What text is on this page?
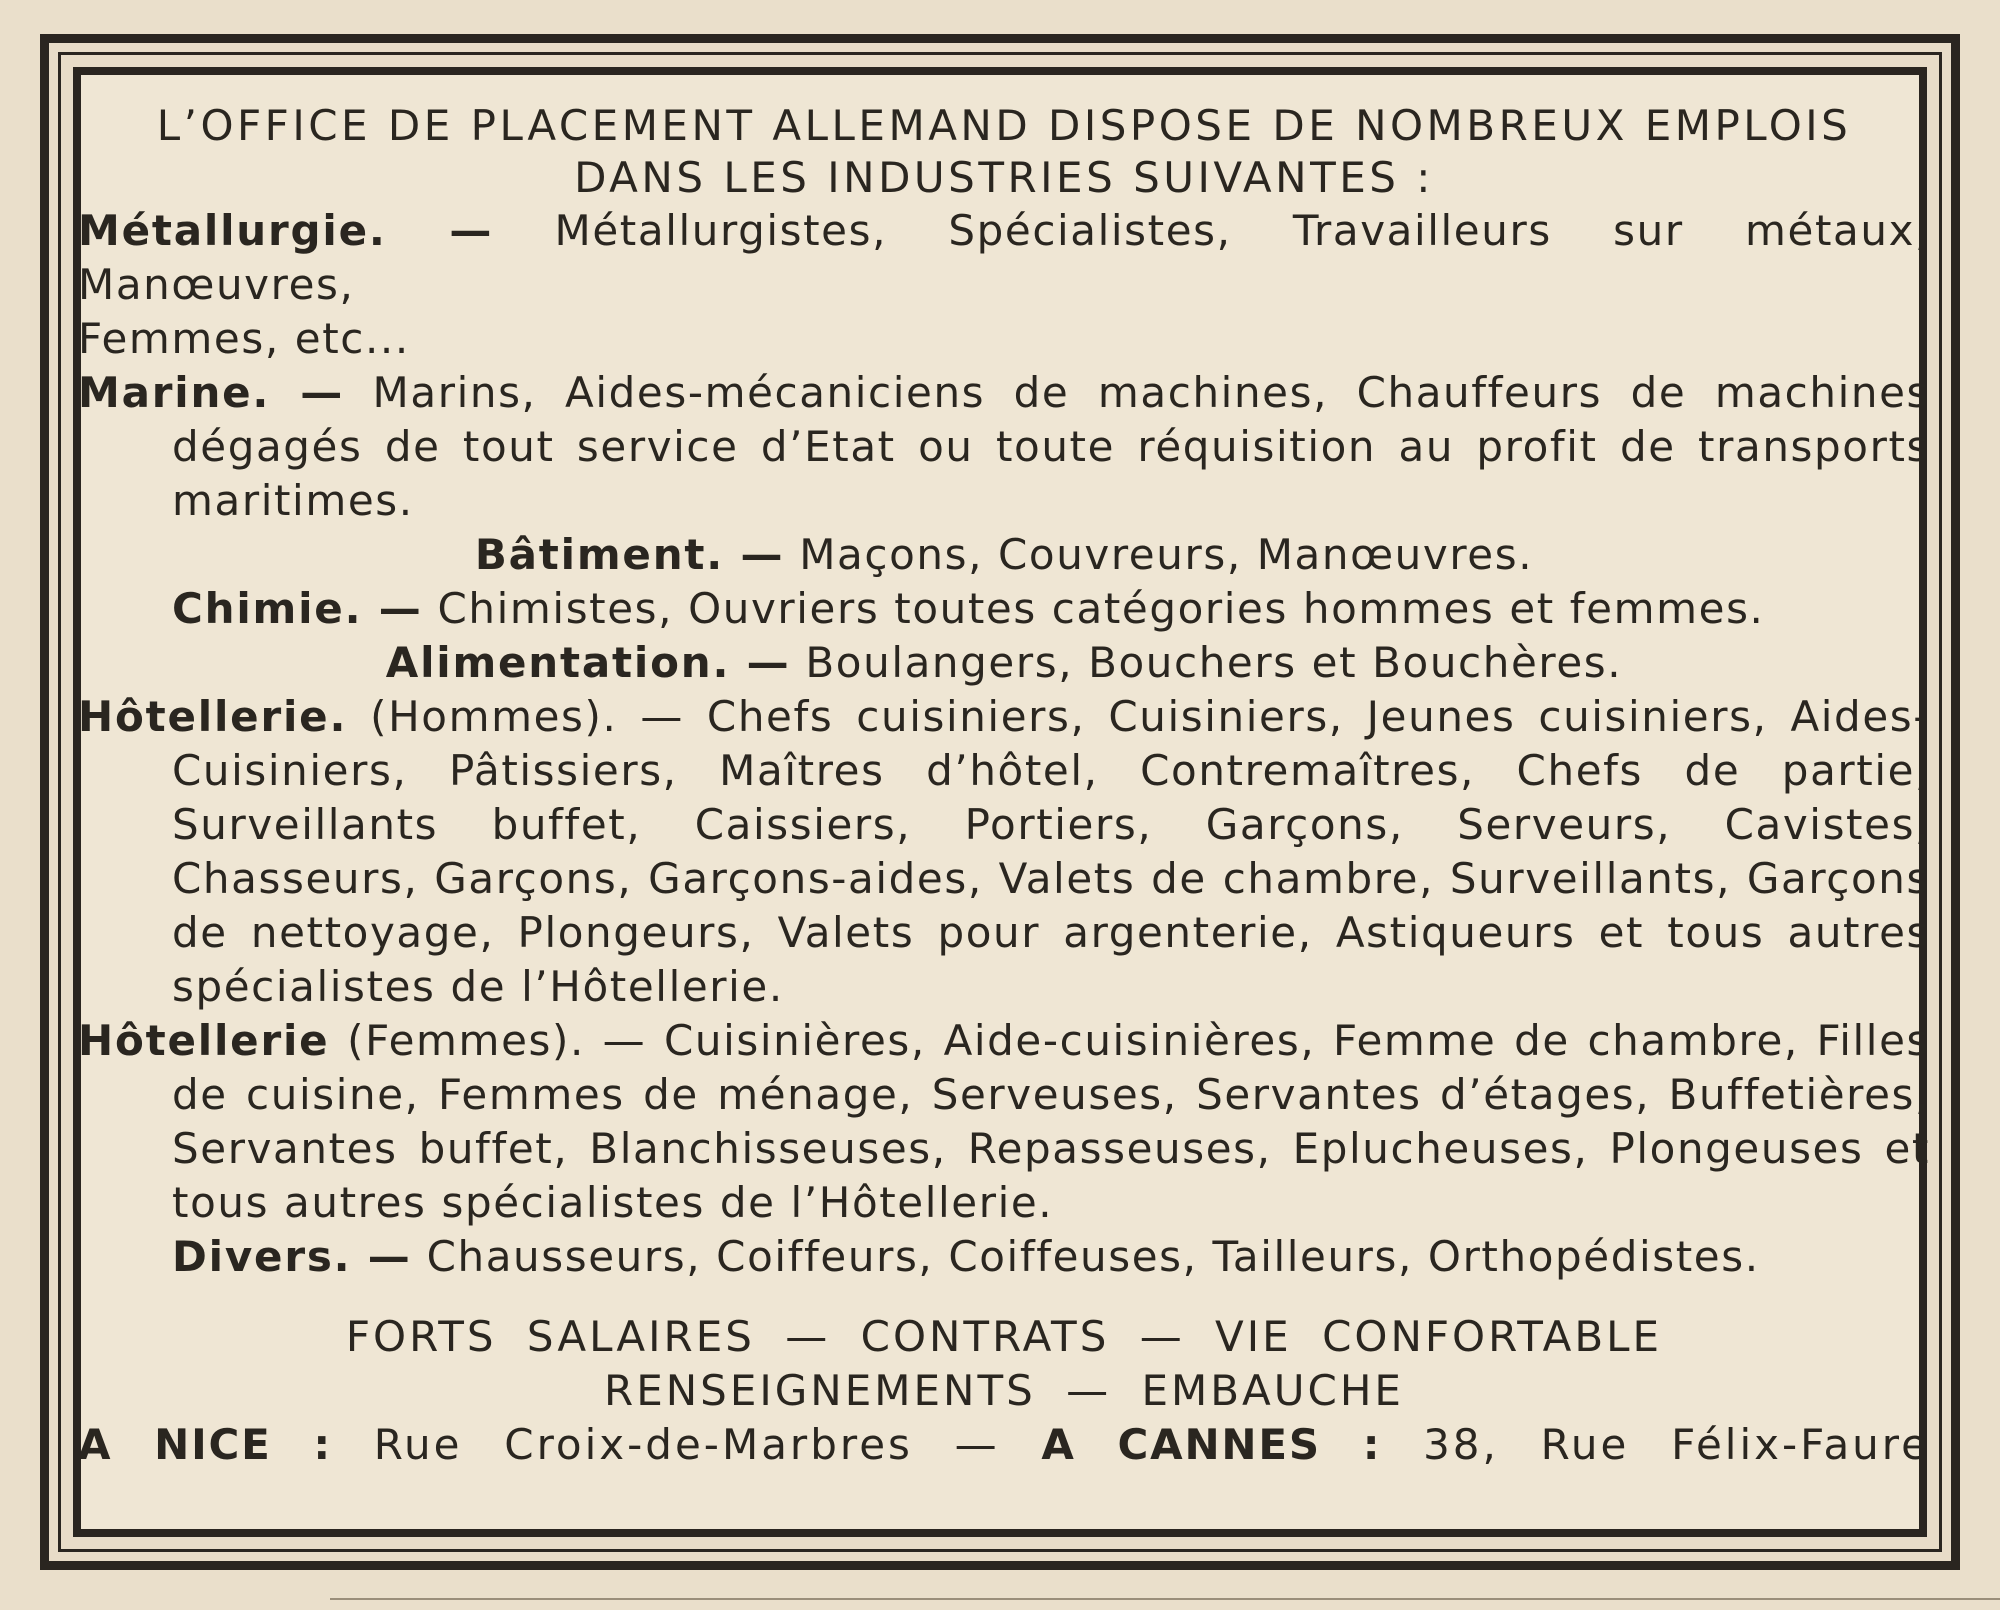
L’OFFICE DE PLACEMENT ALLEMAND DISPOSE DE NOMBREUX EMPLOIS
DANS LES INDUSTRIES SUIVANTES :
Métallurgie. — Métallurgistes, Spécialistes, Travailleurs sur métaux, Manœuvres,
Femmes, etc...
Marine. — Marins, Aides-mécaniciens de machines, Chauffeurs de machines dégagés de tout service d’Etat ou toute réquisition au profit de transports maritimes.
Bâtiment. — Maçons, Couvreurs, Manœuvres.
Chimie. — Chimistes, Ouvriers toutes catégories hommes et femmes.
Alimentation. — Boulangers, Bouchers et Bouchères.
Hôtellerie. (Hommes). — Chefs cuisiniers, Cuisiniers, Jeunes cuisiniers, Aides-Cuisiniers, Pâtissiers, Maîtres d’hôtel, Contremaîtres, Chefs de partie, Surveillants buffet, Caissiers, Portiers, Garçons, Serveurs, Cavistes, Chasseurs, Garçons, Garçons-aides, Valets de chambre, Surveillants, Garçons de nettoyage, Plongeurs, Valets pour argenterie, Astiqueurs et tous autres spécialistes de l’Hôtellerie.
Hôtellerie (Femmes). — Cuisinières, Aide-cuisinières, Femme de chambre, Filles de cuisine, Femmes de ménage, Serveuses, Servantes d’étages, Buffetières, Servantes buffet, Blanchisseuses, Repasseuses, Eplucheuses, Plongeuses et tous autres spécialistes de l’Hôtellerie.
Divers. — Chausseurs, Coiffeurs, Coiffeuses, Tailleurs, Orthopédistes.
FORTS SALAIRES — CONTRATS — VIE CONFORTABLE
RENSEIGNEMENTS — EMBAUCHE
A NICE : Rue Croix-de-Marbres — A CANNES : 38, Rue Félix-Faure
